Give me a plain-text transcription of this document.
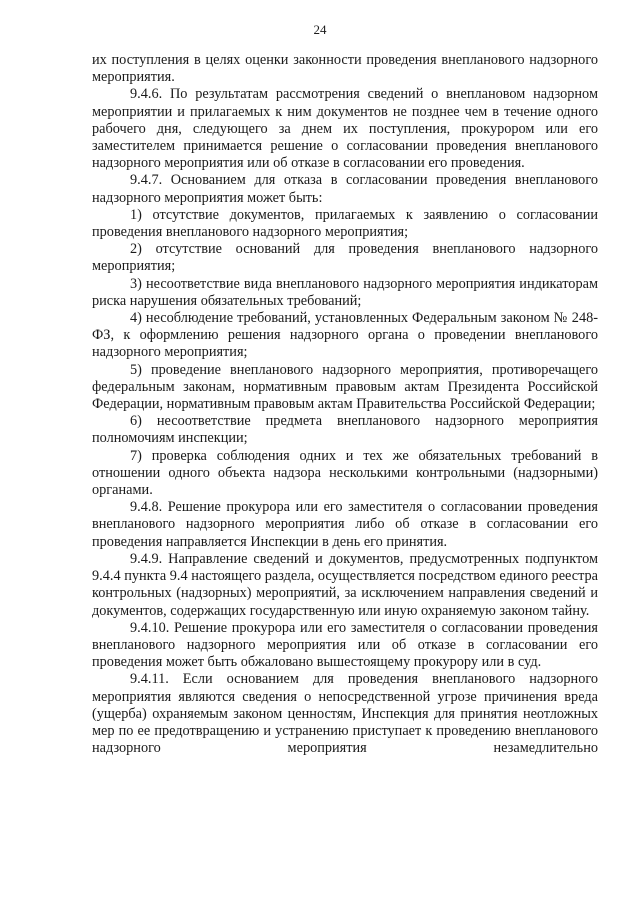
24

их поступления в целях оценки законности проведения внепланового надзорного мероприятия.

9.4.6. По результатам рассмотрения сведений о внеплановом надзорном мероприятии и прилагаемых к ним документов не позднее чем в течение одного рабочего дня, следующего за днем их поступления, прокурором или его заместителем принимается решение о согласовании проведения внепланового надзорного мероприятия или об отказе в согласовании его проведения.

9.4.7. Основанием для отказа в согласовании проведения внепланового надзорного мероприятия может быть:

1) отсутствие документов, прилагаемых к заявлению о согласовании проведения внепланового надзорного мероприятия;

2) отсутствие оснований для проведения внепланового надзорного мероприятия;

3) несоответствие вида внепланового надзорного мероприятия индикаторам риска нарушения обязательных требований;

4) несоблюдение требований, установленных Федеральным законом № 248-ФЗ, к оформлению решения надзорного органа о проведении внепланового надзорного мероприятия;

5) проведение внепланового надзорного мероприятия, противоречащего федеральным законам, нормативным правовым актам Президента Российской Федерации, нормативным правовым актам Правительства Российской Федерации;

6) несоответствие предмета внепланового надзорного мероприятия полномочиям инспекции;

7) проверка соблюдения одних и тех же обязательных требований в отношении одного объекта надзора несколькими контрольными (надзорными) органами.

9.4.8. Решение прокурора или его заместителя о согласовании проведения внепланового надзорного мероприятия либо об отказе в согласовании его проведения направляется Инспекции в день его принятия.

9.4.9. Направление сведений и документов, предусмотренных подпунктом 9.4.4 пункта 9.4 настоящего раздела, осуществляется посредством единого реестра контрольных (надзорных) мероприятий, за исключением направления сведений и документов, содержащих государственную или иную охраняемую законом тайну.

9.4.10. Решение прокурора или его заместителя о согласовании проведения внепланового надзорного мероприятия или об отказе в согласовании его проведения может быть обжаловано вышестоящему прокурору или в суд.

9.4.11. Если основанием для проведения внепланового надзорного мероприятия являются сведения о непосредственной угрозе причинения вреда (ущерба) охраняемым законом ценностям, Инспекция для принятия неотложных мер по ее предотвращению и устранению приступает к проведению внепланового надзорного мероприятия незамедлительно
